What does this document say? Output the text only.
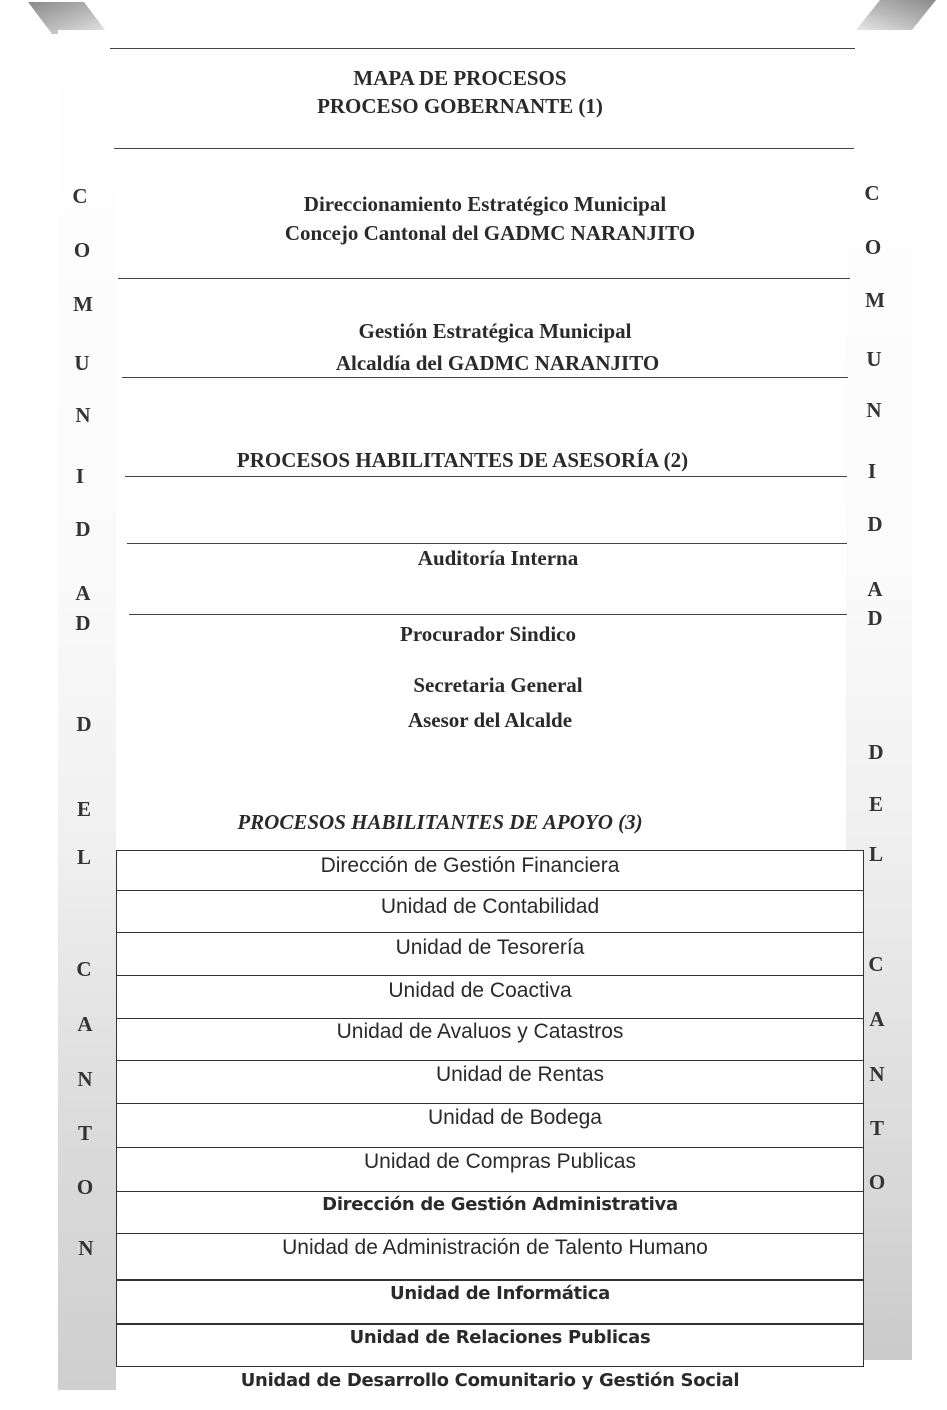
C
O
M
U
N
I
D
A
D
D
E
L
C
A
N
T
O
N
C
O
M
U
N
I
D
A
D
D
E
L
C
A
N
T
O
MAPA DE PROCESOS
PROCESO GOBERNANTE (1)
Direccionamiento Estratégico Municipal
Concejo Cantonal del GADMC NARANJITO
Gestión Estratégica Municipal
Alcaldía del GADMC NARANJITO
PROCESOS HABILITANTES DE ASESORÍA (2)
Auditoría Interna
Procurador Sindico
Secretaria General
Asesor del Alcalde
PROCESOS HABILITANTES DE APOYO (3)
Dirección de Gestión Financiera
Unidad de Contabilidad
Unidad de Tesorería
Unidad de Coactiva
Unidad de Avaluos y Catastros
Unidad de Rentas
Unidad de Bodega
Unidad de Compras Publicas
Dirección de Gestión Administrativa
Unidad de Administración de Talento Humano
Unidad de Informática
Unidad de Relaciones Publicas
Unidad de Desarrollo Comunitario y Gestión Social
